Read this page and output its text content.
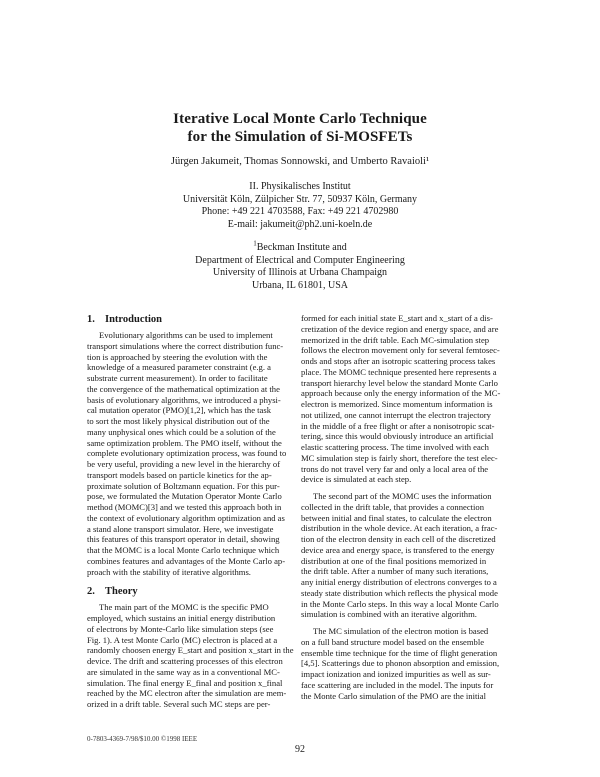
Iterative Local Monte Carlo Technique
for the Simulation of Si-MOSFETs
Jürgen Jakumeit, Thomas Sonnowski, and Umberto Ravaioli¹
II. Physikalisches Institut
Universität Köln, Zülpicher Str. 77, 50937 Köln, Germany
Phone: +49 221 4703588, Fax: +49 221 4702980
E-mail: jakumeit@ph2.uni-koeln.de
$^1$Beckman Institute and
Department of Electrical and Computer Engineering
University of Illinois at Urbana Champaign
Urbana, IL 61801, USA
1. Introduction
Evolutionary algorithms can be used to implement
transport simulations where the correct distribution func-
tion is approached by steering the evolution with the
knowledge of a measured parameter constraint (e.g. a
substrate current measurement). In order to facilitate
the convergence of the mathematical optimization at the
basis of evolutionary algorithms, we introduced a physi-
cal mutation operator (PMO)[1,2], which has the task
to sort the most likely physical distribution out of the
many unphysical ones which could be a solution of the
same optimization problem. The PMO itself, without the
complete evolutionary optimization process, was found to
be very useful, providing a new level in the hierarchy of
transport models based on particle kinetics for the ap-
proximate solution of Boltzmann equation. For this pur-
pose, we formulated the Mutation Operator Monte Carlo
method (MOMC)[3] and we tested this approach both in
the context of evolutionary algorithm optimization and as
a stand alone transport simulator. Here, we investigate
this features of this transport operator in detail, showing
that the MOMC is a local Monte Carlo technique which
combines features and advantages of the Monte Carlo ap-
proach with the stability of iterative algorithms.
2. Theory
The main part of the MOMC is the specific PMO
employed, which sustains an initial energy distribution
of electrons by Monte-Carlo like simulation steps (see
Fig. 1). A test Monte Carlo (MC) electron is placed at a
randomly choosen energy E_start and position x_start in the
device. The drift and scattering processes of this electron
are simulated in the same way as in a conventional MC-
simulation. The final energy E_final and position x_final
reached by the MC electron after the simulation are mem-
orized in a drift table. Several such MC steps are per-
formed for each initial state E_start and x_start of a dis-
cretization of the device region and energy space, and are
memorized in the drift table. Each MC-simulation step
follows the electron movement only for several femtosec-
onds and stops after an isotropic scattering process takes
place. The MOMC technique presented here represents a
transport hierarchy level below the standard Monte Carlo
approach because only the energy information of the MC-
electron is memorized. Since momentum information is
not utilized, one cannot interrupt the electron trajectory
in the middle of a free flight or after a nonisotropic scat-
tering, since this would obviously introduce an artificial
elastic scattering process. The time involved with each
MC simulation step is fairly short, therefore the test elec-
trons do not travel very far and only a local area of the
device is simulated at each step.
The second part of the MOMC uses the information
collected in the drift table, that provides a connection
between initial and final states, to calculate the electron
distribution in the whole device. At each iteration, a frac-
tion of the electron density in each cell of the discretized
device area and energy space, is transfered to the energy
distribution at one of the final positions memorized in
the drift table. After a number of many such iterations,
any initial energy distribution of electrons converges to a
steady state distribution which reflects the physical mode
in the Monte Carlo steps. In this way a local Monte Carlo
simulation is combined with an iterative algorithm.
The MC simulation of the electron motion is based
on a full band structure model based on the ensemble
ensemble time technique for the time of flight generation
[4,5]. Scatterings due to phonon absorption and emission,
impact ionization and ionized impurities as well as sur-
face scattering are included in the model. The inputs for
the Monte Carlo simulation of the PMO are the initial
0-7803-4369-7/98/$10.00 ©1998 IEEE
92
